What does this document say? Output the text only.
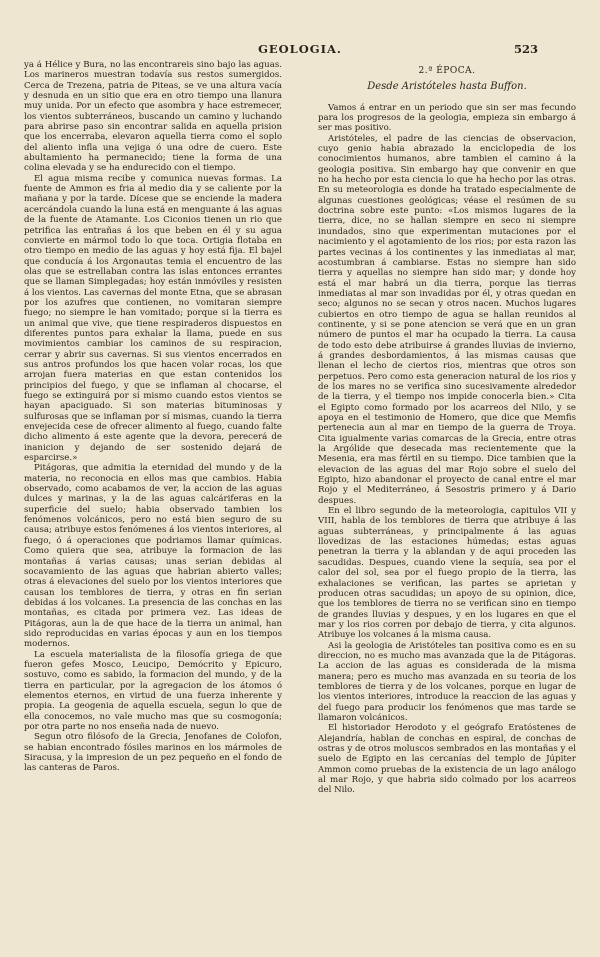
GEOLOGIA.	523

ya á Hélice y Bura, no las encontrareis sino bajo las aguas. Los marineros muestran todavía sus restos sumergidos. Cerca de Trezena, patria de Piteas, se ve una altura vacía y desnuda en un sitio que era en otro tiempo una llanura muy unida. Por un efecto que asombra y hace estremecer, los vientos subterráneos, buscando un camino y luchando para abrirse paso sin encontrar salida en aquella prision que los encerraba, elevaron aquella tierra como el soplo del aliento infla una vejiga ó una odre de cuero. Este abultamiento ha permanecido; tiene la forma de una colina elevada y se ha endurecido con el tiempo.

El agua misma recibe y comunica nuevas formas. La fuente de Ammon es fria al medio dia y se caliente por la mañana y por la tarde. Dícese que se enciende la madera acercándola cuando la luna está en menguante á las aguas de la fuente de Atamante. Los Ciconios tienen un rio que petrifica las entrañas á los que beben en él y su agua convierte en mármol todo lo que toca. Ortigia flotaba en otro tiempo en medio de las aguas y hoy está fija. El bajel que conducía á los Argonautas temia el encuentro de las olas que se estrellaban contra las islas entonces errantes que se llaman Simplegadas; hoy están inmóviles y resisten á los vientos. Las cavernas del monte Etna, que se abrasan por los azufres que contienen, no vomitaran siempre fuego; no siempre le han vomitado; porque si la tierra es un animal que vive, que tiene respiraderos dispuestos en diferentes puntos para exhalar la llama, puede en sus movimientos cambiar los caminos de su respiracion, cerrar y abrir sus cavernas. Si sus vientos encerrados en sus antros profundos los que hacen volar rocas, los que arrojan fuera materias en que estan contenidos los principios del fuego, y que se inflaman al chocarse, el fuego se extinguirá por sí mismo cuando estos vientos se hayan apaciguado. Si son materias bituminosas y sulfurosas que se inflaman por sí mismas, cuando la tierra envejecida cese de ofrecer alimento al fuego, cuando falte dicho alimento á este agente que la devora, perecerá de inanicion y dejando de ser sostenido dejará de esparcirse.»

Pitágoras, que admitia la eternidad del mundo y de la materia, no reconocia en ellos mas que cambios. Habia observado, como acabamos de ver, la accion de las aguas dulces y marinas, y la de las aguas calcáriferas en la superficie del suelo; habia observado tambien los fenómenos volcánicos, pero no está bien seguro de su causa; atribuye estos fenómenes á los vientos interiores, al fuego, ó á operaciones que podriamos llamar químicas. Como quiera que sea, atribuye la formacion de las montañas á varias causas; unas serian debidas al socavamiento de las aguas que habrian abierto valles; otras á elevaciones del suelo por los vientos interiores que causan los temblores de tierra, y otras en fin serian debidas á los volcanes. La presencia de las conchas en las montañas, es citada por primera vez. Las ideas de Pitágoras, aun la de que hace de la tierra un animal, han sido reproducidas en varias épocas y aun en los tiempos modernos.

La escuela materialista de la filosofía griega de que fueron gefes Mosco, Leucipo, Demócrito y Epicuro, sostuvo, como es sabido, la formacion del mundo, y de la tierra en particular, por la agregacion de los átomos ó elementos eternos, en virtud de una fuerza inherente y propia. La geogenia de aquella escuela, segun lo que de ella conocemos, no vale mucho mas que su cosmogonía; por otra parte no nos enseña nada de nuevo.

Segun otro filósofo de la Grecia, Jenofanes de Colofon, se habian encontrado fósiles marinos en los mármoles de Siracusa, y la impresion de un pez pequeño en el fondo de las canteras de Paros.

2.ª ÉPOCA.
Desde Aristóteles hasta Buffon.

Vamos á entrar en un periodo que sin ser mas fecundo para los progresos de la geologia, empieza sin embargo á ser mas positivo.

Aristóteles, el padre de las ciencias de observacion, cuyo genio habia abrazado la enciclopedia de los conocimientos humanos, abre tambien el camino á la geologia positiva. Sin embargo hay que convenir en que no ha hecho por esta ciencia lo que ha hecho por las otras. En su meteorologia es donde ha tratado especialmente de algunas cuestiones geológicas; véase el resúmen de su doctrina sobre este punto: «Los mismos lugares de la tierra, dice, no se hallan siempre en seco ni siempre inundados, sino que experimentan mutaciones por el nacimiento y el agotamiento de los rios; por esta razon las partes vecinas á los continentes y las inmediatas al mar, acostumbran á cambiarse. Estas no siempre han sido tierra y aquellas no siempre han sido mar; y donde hoy está el mar habrá un dia tierra, porque las tierras inmediatas al mar son invadidas por él, y otras quedan en seco; algunos no se secan y otros nacen. Muchos lugares cubiertos en otro tiempo de agua se hallan reunidos al continente, y si se pone atencion se verá que en un gran número de puntos el mar ha ocupado la tierra. La causa de todo esto debe atribuirse á grandes lluvias de invierno, á grandes desbordamientos, á las mismas causas que llenan el lecho de ciertos rios, mientras que otros son perpetuos. Pero como esta generacion natural de los rios y de los mares no se verifica sino sucesivamente alrededor de la tierra, y el tiempo nos impide conocerla bien.» Cita el Egipto como formado por los acarreos del Nilo, y se apoya en el testimonio de Homero, que dice que Memfis pertenecia aun al mar en tiempo de la guerra de Troya. Cita igualmente varias comarcas de la Grecia, entre otras la Argólide que desecada mas recientemente que la Mesenia, era mas fértil en su tiempo. Dice tambien que la elevacion de las aguas del mar Rojo sobre el suelo del Egipto, hizo abandonar el proyecto de canal entre el mar Rojo y el Mediterráneo, á Sesostris primero y á Dario despues.

En el libro segundo de la meteorologia, capitulos VII y VIII, habla de los temblores de tierra que atribuye á las aguas subterráneas, y principalmente á las aguas llovedizas de las estaciones húmedas; estas aguas penetran la tierra y la ablandan y de aqui proceden las sacudidas. Despues, cuando viene la sequía, sea por el calor del sol, sea por el fuego propio de la tierra, las exhalaciones se verifican, las partes se aprietan y producen otras sacudidas; un apoyo de su opinion, dice, que los temblores de tierra no se verifican sino en tiempo de grandes lluvias y despues, y en los lugares en que el mar y los rios corren por debajo de tierra, y cita algunos. Atribuye los volcanes á la misma causa.

Asi la geologia de Aristóteles tan positiva como es en su direccion, no es mucho mas avanzada que la de Pitágoras. La accion de las aguas es considerada de la misma manera; pero es mucho mas avanzada en su teoria de los temblores de tierra y de los volcanes, porque en lugar de los vientos interiores, introduce la reaccion de las aguas y del fuego para producir los fenómenos que mas tarde se llamaron volcánicos.

El historiador Herodoto y el geógrafo Eratóstenes de Alejandría, hablan de conchas en espiral, de conchas de ostras y de otros moluscos sembrados en las montañas y el suelo de Egipto en las cercanías del templo de Júpiter Ammon como pruebas de la existencia de un lago análogo al mar Rojo, y que habria sido colmado por los acarreos del Nilo.
